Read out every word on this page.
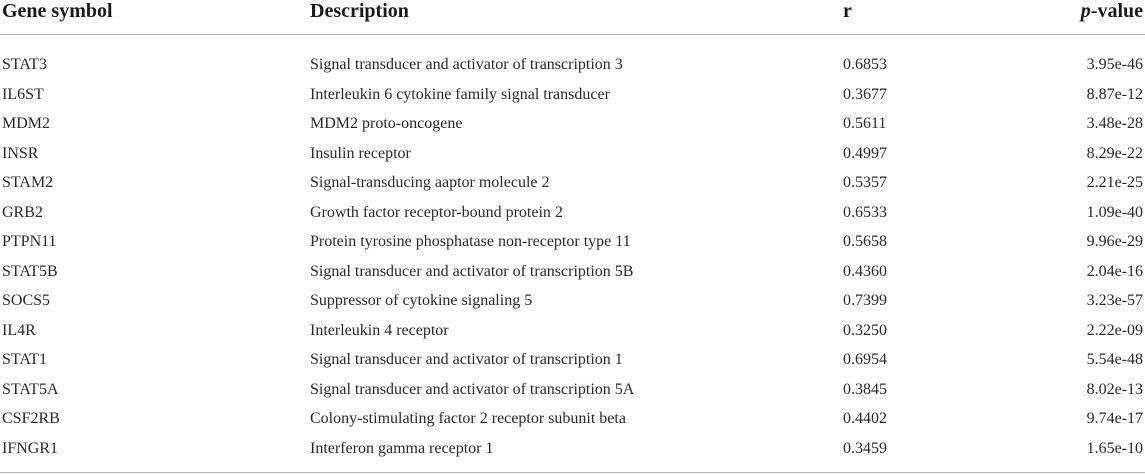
Gene symbol	Description	r	p-value
STAT3	Signal transducer and activator of transcription 3	0.6853	3.95e-46
IL6ST	Interleukin 6 cytokine family signal transducer	0.3677	8.87e-12
MDM2	MDM2 proto-oncogene	0.5611	3.48e-28
INSR	Insulin receptor	0.4997	8.29e-22
STAM2	Signal-transducing aaptor molecule 2	0.5357	2.21e-25
GRB2	Growth factor receptor-bound protein 2	0.6533	1.09e-40
PTPN11	Protein tyrosine phosphatase non-receptor type 11	0.5658	9.96e-29
STAT5B	Signal transducer and activator of transcription 5B	0.4360	2.04e-16
SOCS5	Suppressor of cytokine signaling 5	0.7399	3.23e-57
IL4R	Interleukin 4 receptor	0.3250	2.22e-09
STAT1	Signal transducer and activator of transcription 1	0.6954	5.54e-48
STAT5A	Signal transducer and activator of transcription 5A	0.3845	8.02e-13
CSF2RB	Colony-stimulating factor 2 receptor subunit beta	0.4402	9.74e-17
IFNGR1	Interferon gamma receptor 1	0.3459	1.65e-10
